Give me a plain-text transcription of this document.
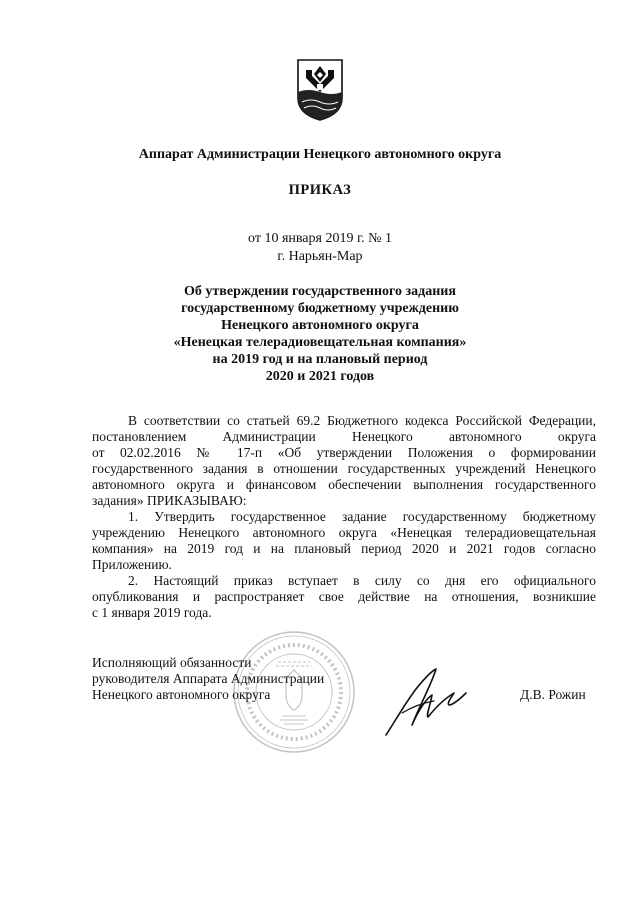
Аппарат Администрации Ненецкого автономного округа
ПРИКАЗ
от 10 января 2019 г. № 1
г. Нарьян-Мар
Об утверждении государственного задания
государственному бюджетному учреждению
Ненецкого автономного округа
«Ненецкая телерадиовещательная компания»
на 2019 год и на плановый период
2020 и 2021 годов
В соответствии со статьей 69.2 Бюджетного кодекса Российской Федерации,
постановлением Администрации Ненецкого автономного округа
от 02.02.2016 № 17-п «Об утверждении Положения о формировании
государственного задания в отношении государственных учреждений Ненецкого
автономного округа и финансовом обеспечении выполнения государственного
задания» ПРИКАЗЫВАЮ:
1. Утвердить государственное задание государственному бюджетному
учреждению Ненецкого автономного округа «Ненецкая телерадиовещательная
компания» на 2019 год и на плановый период 2020 и 2021 годов согласно
Приложению.
2. Настоящий приказ вступает в силу со дня его официального
опубликования и распространяет свое действие на отношения, возникшие
с 1 января 2019 года.
Исполняющий обязанности
руководителя Аппарата Администрации
Ненецкого автономного округа	Д.В. Рожин
